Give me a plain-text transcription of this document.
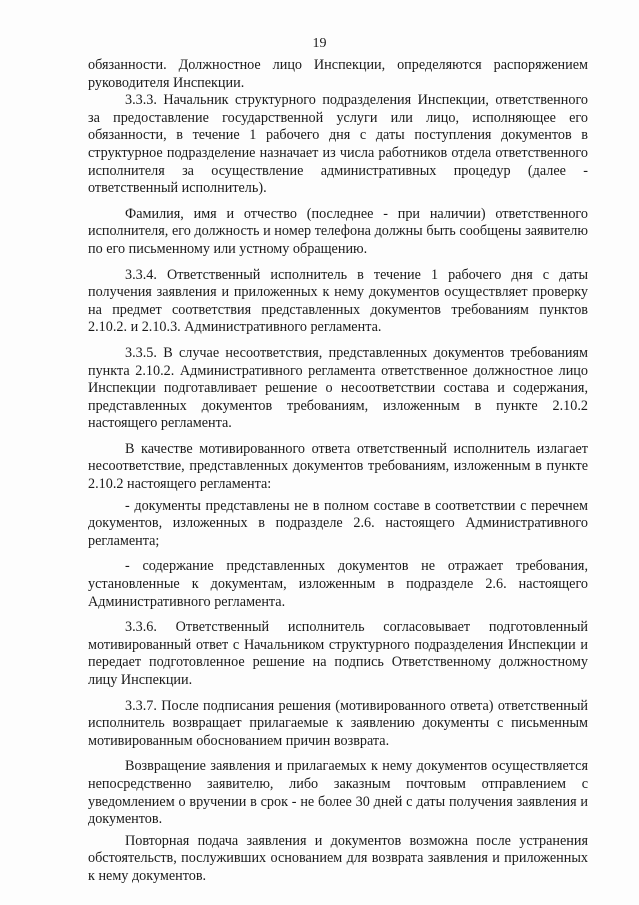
19

обязанности. Должностное лицо Инспекции, определяются распоряжением руководителя Инспекции.

3.3.3. Начальник структурного подразделения Инспекции, ответственного за предоставление государственной услуги или лицо, исполняющее его обязанности, в течение 1 рабочего дня с даты поступления документов в структурное подразделение назначает из числа работников отдела ответственного исполнителя за осуществление административных процедур (далее - ответственный исполнитель).

Фамилия, имя и отчество (последнее - при наличии) ответственного исполнителя, его должность и номер телефона должны быть сообщены заявителю по его письменному или устному обращению.

3.3.4. Ответственный исполнитель в течение 1 рабочего дня с даты получения заявления и приложенных к нему документов осуществляет проверку на предмет соответствия представленных документов требованиям пунктов 2.10.2. и 2.10.3. Административного регламента.

3.3.5. В случае несоответствия, представленных документов требованиям пункта 2.10.2. Административного регламента ответственное должностное лицо Инспекции подготавливает решение о несоответствии состава и содержания, представленных документов требованиям, изложенным в пункте 2.10.2 настоящего регламента.

В качестве мотивированного ответа ответственный исполнитель излагает несоответствие, представленных документов требованиям, изложенным в пункте 2.10.2 настоящего регламента:

- документы представлены не в полном составе в соответствии с перечнем документов, изложенных в подразделе 2.6. настоящего Административного регламента;

- содержание представленных документов не отражает требования, установленные к документам, изложенным в подразделе 2.6. настоящего Административного регламента.

3.3.6. Ответственный исполнитель согласовывает подготовленный мотивированный ответ с Начальником структурного подразделения Инспекции и передает подготовленное решение на подпись Ответственному должностному лицу Инспекции.

3.3.7. После подписания решения (мотивированного ответа) ответственный исполнитель возвращает прилагаемые к заявлению документы с письменным мотивированным обоснованием причин возврата.

Возвращение заявления и прилагаемых к нему документов осуществляется непосредственно заявителю, либо заказным почтовым отправлением с уведомлением о вручении в срок - не более 30 дней с даты получения заявления и документов.

Повторная подача заявления и документов возможна после устранения обстоятельств, послуживших основанием для возврата заявления и приложенных к нему документов.
